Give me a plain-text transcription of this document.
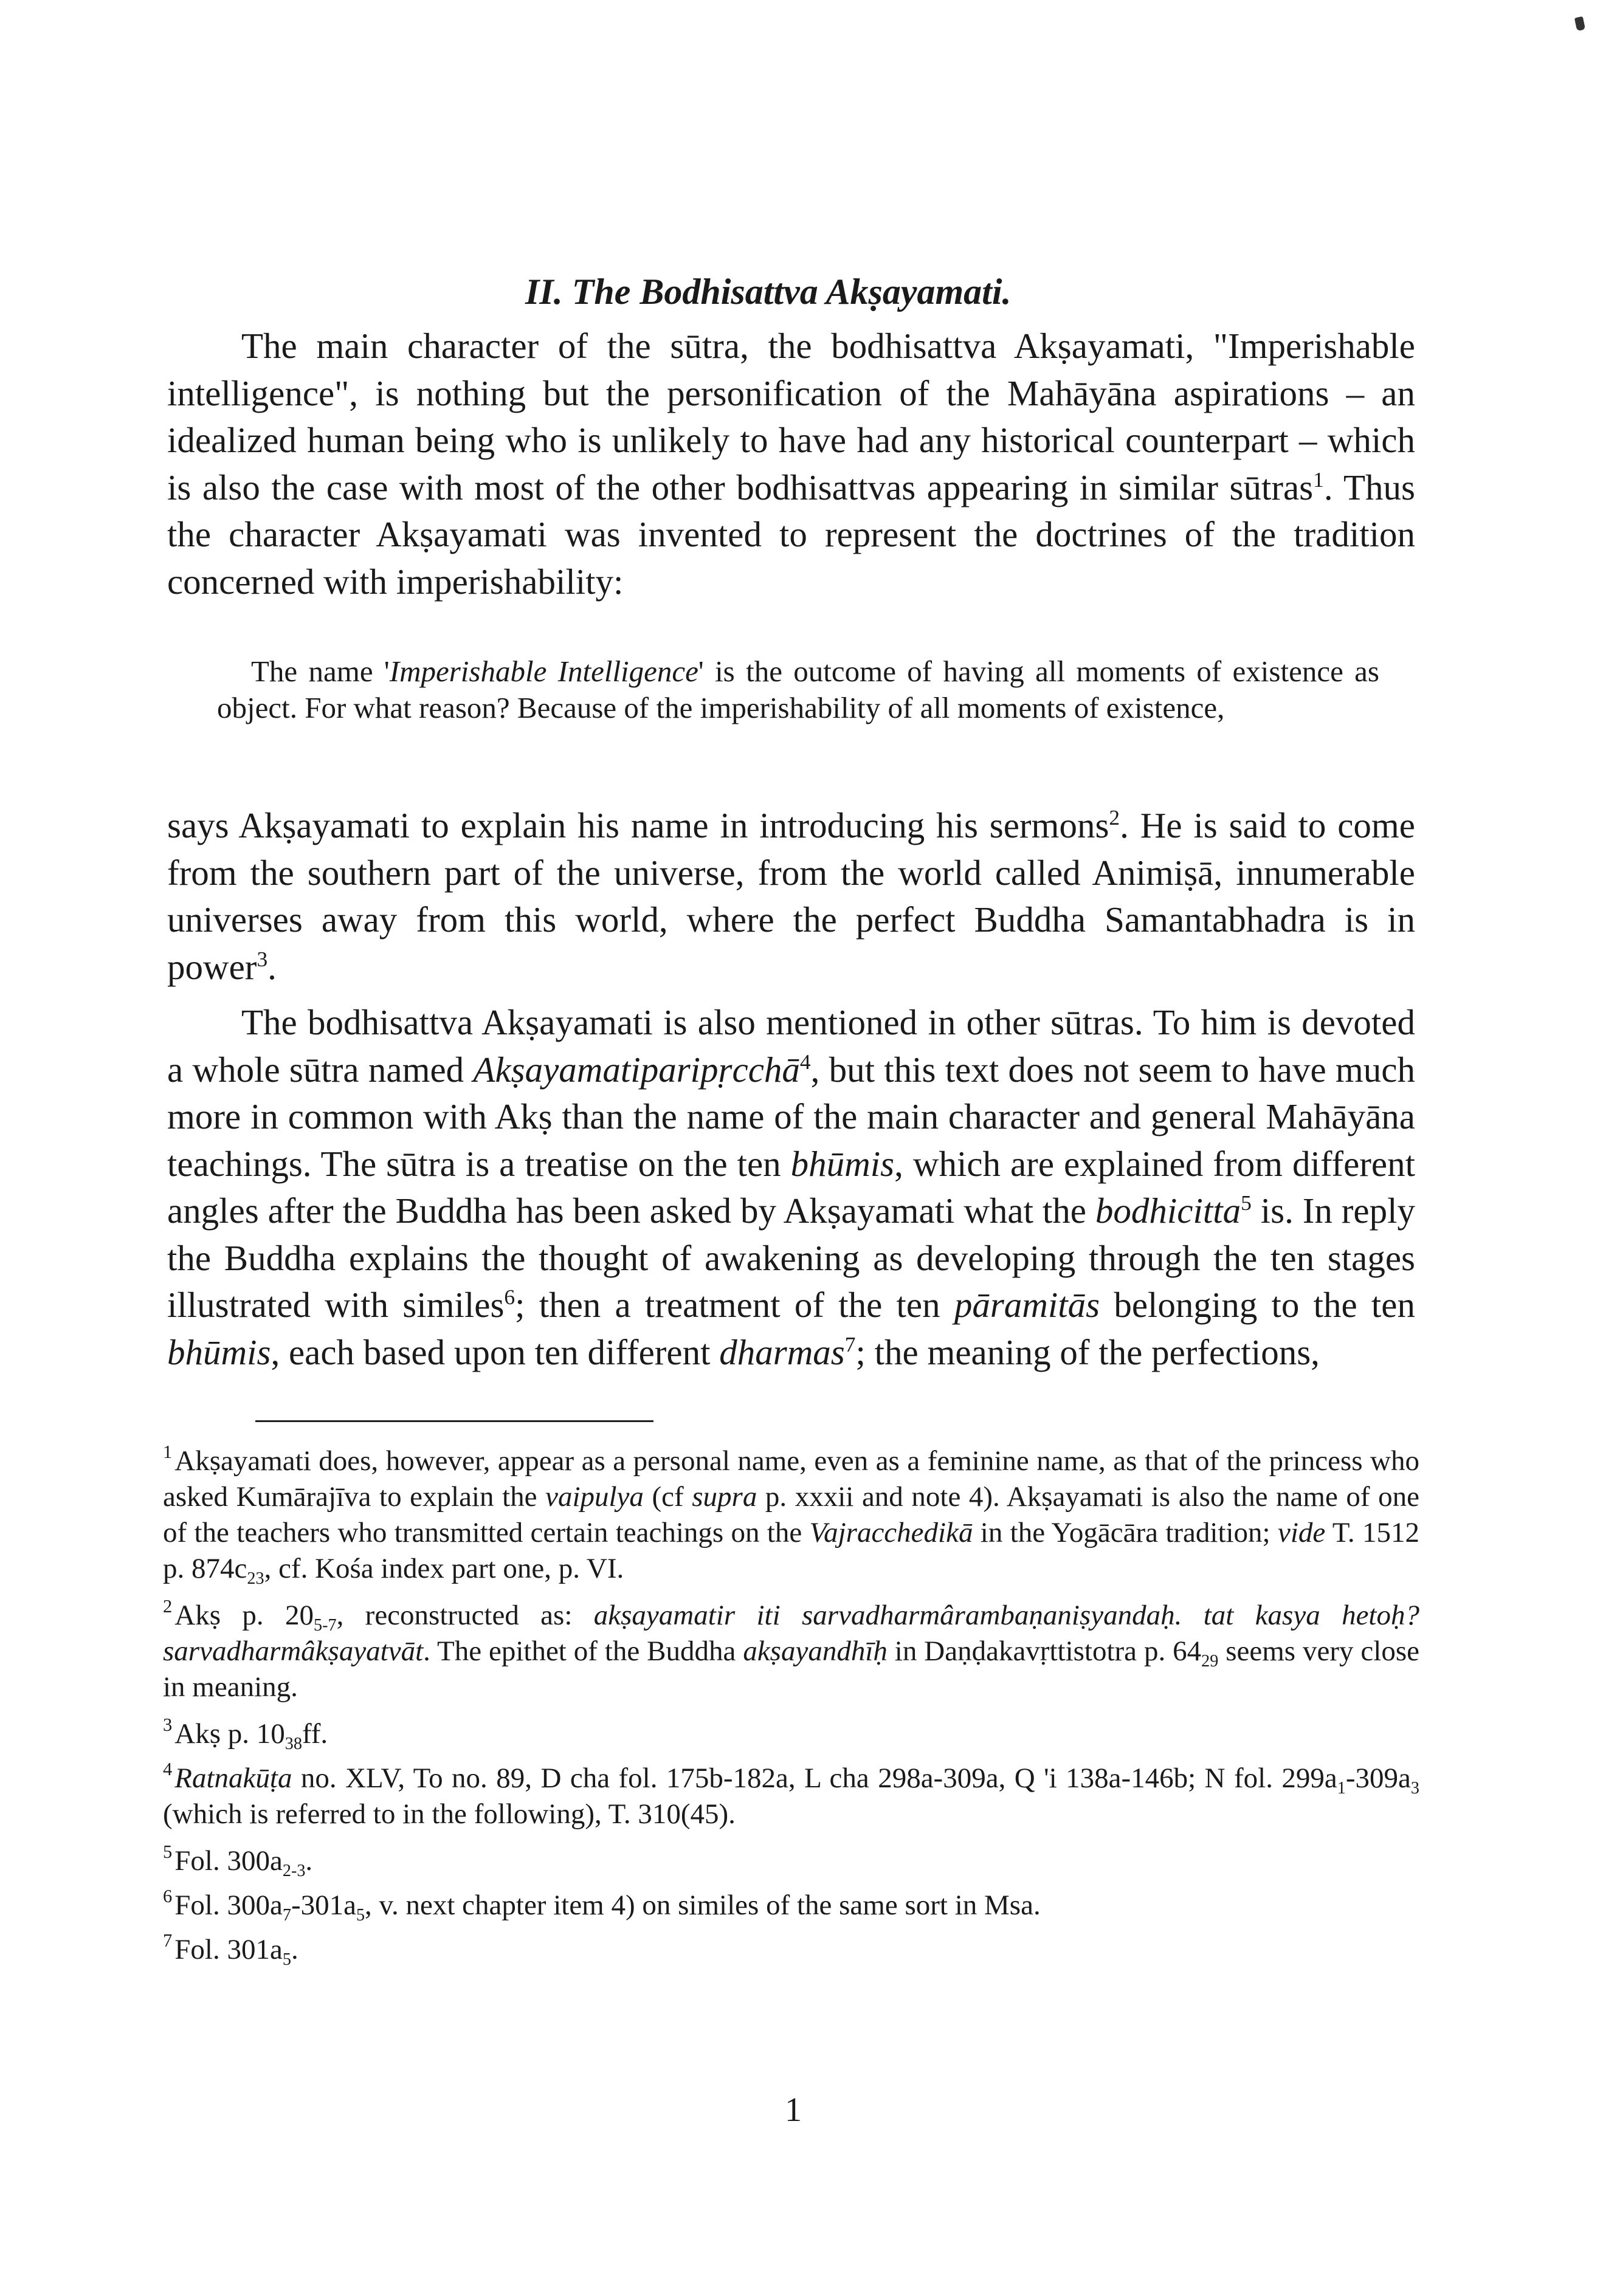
II. The Bodhisattva Akṣayamati.

The main character of the sūtra, the bodhisattva Akṣayamati, "Imperishable intelligence", is nothing but the personification of the Mahāyāna aspirations – an idealized human being who is unlikely to have had any historical counterpart – which is also the case with most of the other bodhisattvas appearing in similar sūtras$^1$. Thus the character Akṣayamati was invented to represent the doctrines of the tradition concerned with imperishability:

The name 'Imperishable Intelligence' is the outcome of having all moments of existence as object. For what reason? Because of the imperishability of all moments of existence,

says Akṣayamati to explain his name in introducing his sermons$^2$. He is said to come from the southern part of the universe, from the world called Animiṣā, innumerable universes away from this world, where the perfect Buddha Samantabhadra is in power$^3$.

The bodhisattva Akṣayamati is also mentioned in other sūtras. To him is devoted a whole sūtra named Akṣayamatiparipṛcchā$^4$, but this text does not seem to have much more in common with Akṣ than the name of the main character and general Mahāyāna teachings. The sūtra is a treatise on the ten bhūmis, which are explained from different angles after the Buddha has been asked by Akṣayamati what the bodhicitta$^5$ is. In reply the Buddha explains the thought of awakening as developing through the ten stages illustrated with similes$^6$; then a treatment of the ten pāramitās belonging to the ten bhūmis, each based upon ten different dharmas$^7$; the meaning of the perfections,

$^1$Akṣayamati does, however, appear as a personal name, even as a feminine name, as that of the princess who asked Kumārajīva to explain the vaipulya (cf supra p. xxxii and note 4). Akṣayamati is also the name of one of the teachers who transmitted certain teachings on the Vajracchedikā in the Yogācāra tradition; vide T. 1512 p. $874c_{23}$, cf. Kośa index part one, p. VI.

$^2$Akṣ p. $20_{5-7}$, reconstructed as: akṣayamatir iti sarvadharmârambaṇaniṣyandaḥ. tat kasya hetoḥ? sarvadharmâkṣayatvāt. The epithet of the Buddha akṣayandhīḥ in Daṇḍakavṛttistotra p. $64_{29}$ seems very close in meaning.

$^3$Akṣ p. $10_{38}ff$.

$^4$Ratnakūṭa no. XLV, To no. 89, D cha fol. 175b-182a, L cha 298a-309a, Q 'i 138a-146b; N fol. $299a_1-309a_3$ (which is referred to in the following), T. 310(45).

$^5$Fol. $300a_{2-3}$.

$^6$Fol. $300a_7-301a_5$, v. next chapter item 4) on similes of the same sort in Msa.

$^7$Fol. $301a_5$.

1
